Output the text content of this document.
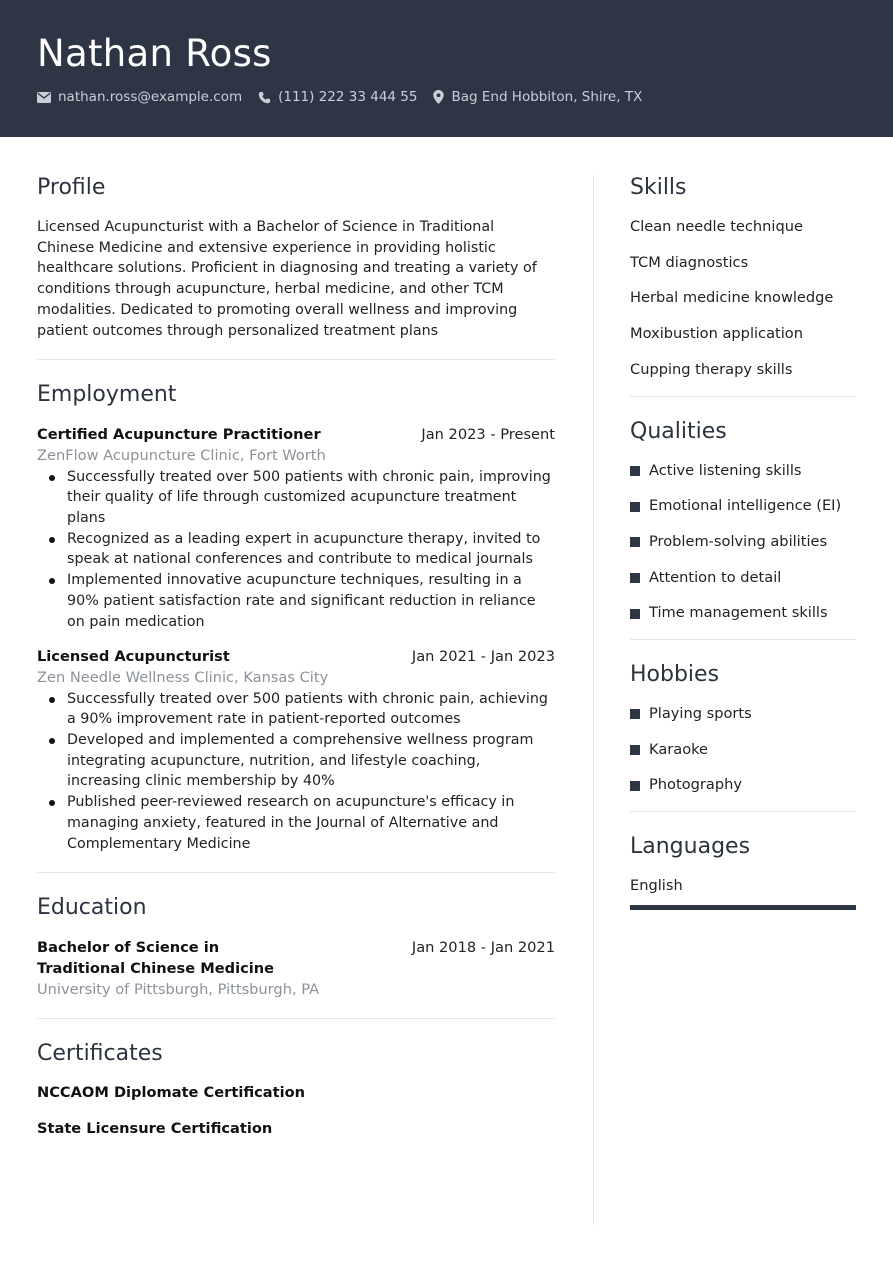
Nathan Ross
nathan.ross@example.com	(111) 222 33 444 55	Bag End Hobbiton, Shire, TX
Profile

Licensed Acupuncturist with a Bachelor of Science in Traditional Chinese Medicine and extensive experience in providing holistic healthcare solutions. Proficient in diagnosing and treating a variety of conditions through acupuncture, herbal medicine, and other TCM modalities. Dedicated to promoting overall wellness and improving patient outcomes through personalized treatment plans

Employment
Certified Acupuncture Practitioner	Jan 2023 - Present
ZenFlow Acupuncture Clinic, Fort Worth
Successfully treated over 500 patients with chronic pain, improving their quality of life through customized acupuncture treatment plans
Recognized as a leading expert in acupuncture therapy, invited to speak at national conferences and contribute to medical journals
Implemented innovative acupuncture techniques, resulting in a 90% patient satisfaction rate and significant reduction in reliance on pain medication
Licensed Acupuncturist	Jan 2021 - Jan 2023
Zen Needle Wellness Clinic, Kansas City
Successfully treated over 500 patients with chronic pain, achieving a 90% improvement rate in patient-reported outcomes
Developed and implemented a comprehensive wellness program integrating acupuncture, nutrition, and lifestyle coaching, increasing clinic membership by 40%
Published peer-reviewed research on acupuncture's efficacy in managing anxiety, featured in the Journal of Alternative and Complementary Medicine
Education
Bachelor of Science in Traditional Chinese Medicine
Jan 2018 - Jan 2021
University of Pittsburgh, Pittsburgh, PA
Certificates
NCCAOM Diplomate Certification
State Licensure Certification
Skills
Clean needle technique
TCM diagnostics
Herbal medicine knowledge
Moxibustion application
Cupping therapy skills
Qualities
Active listening skills
Emotional intelligence (EI)
Problem-solving abilities
Attention to detail
Time management skills
Hobbies
Playing sports
Karaoke
Photography
Languages
English
